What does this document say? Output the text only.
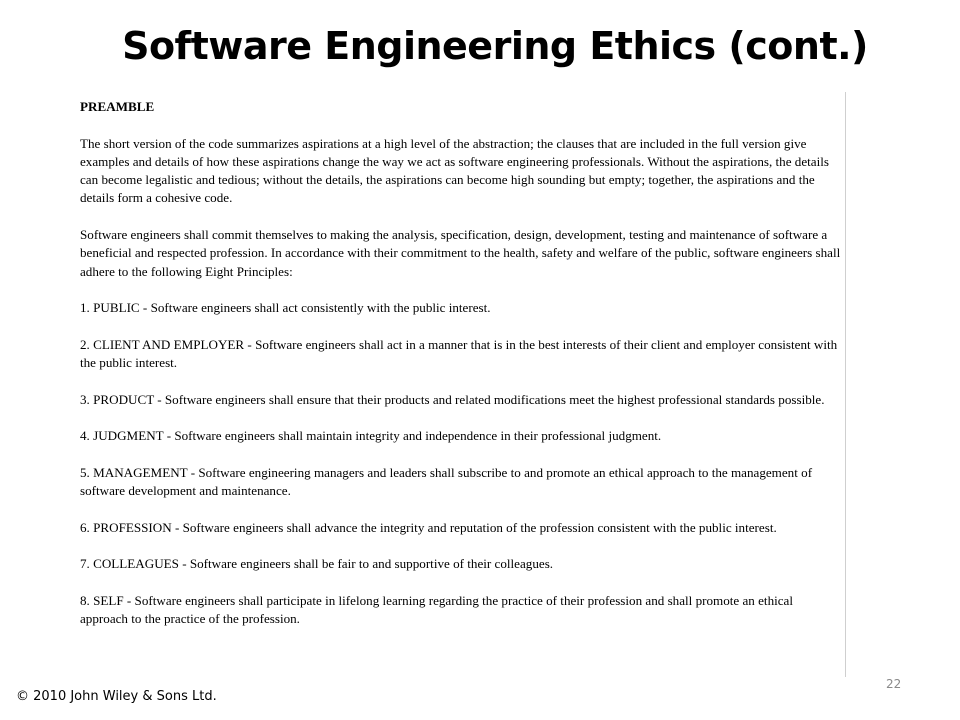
Software Engineering Ethics (cont.)

PREAMBLE

The short version of the code summarizes aspirations at a high level of the abstraction; the clauses that are included in the full version give examples and details of how these aspirations change the way we act as software engineering professionals. Without the aspirations, the details can become legalistic and tedious; without the details, the aspirations can become high sounding but empty; together, the aspirations and the details form a cohesive code.

Software engineers shall commit themselves to making the analysis, specification, design, development, testing and maintenance of software a beneficial and respected profession. In accordance with their commitment to the health, safety and welfare of the public, software engineers shall adhere to the following Eight Principles:

1. PUBLIC - Software engineers shall act consistently with the public interest.

2. CLIENT AND EMPLOYER - Software engineers shall act in a manner that is in the best interests of their client and employer consistent with the public interest.

3. PRODUCT - Software engineers shall ensure that their products and related modifications meet the highest professional standards possible.

4. JUDGMENT - Software engineers shall maintain integrity and independence in their professional judgment.

5. MANAGEMENT - Software engineering managers and leaders shall subscribe to and promote an ethical approach to the management of software development and maintenance.

6. PROFESSION - Software engineers shall advance the integrity and reputation of the profession consistent with the public interest.

7. COLLEAGUES - Software engineers shall be fair to and supportive of their colleagues.

8. SELF - Software engineers shall participate in lifelong learning regarding the practice of their profession and shall promote an ethical approach to the practice of the profession.

22
© 2010 John Wiley & Sons Ltd.
